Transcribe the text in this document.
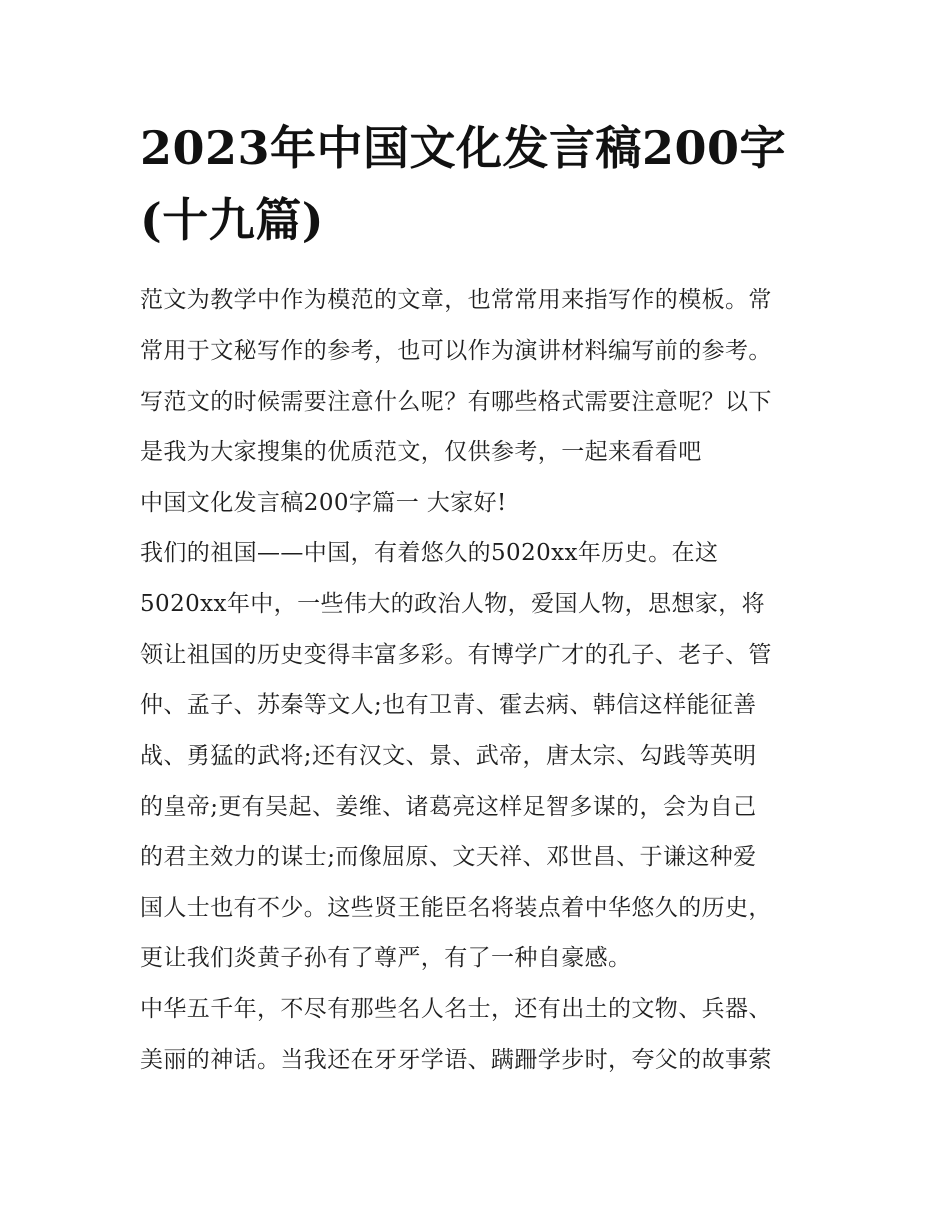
2023年中国文化发言稿200字
(十九篇)
范文为教学中作为模范的文章，也常常用来指写作的模板。常
常用于文秘写作的参考，也可以作为演讲材料编写前的参考。
写范文的时候需要注意什么呢？有哪些格式需要注意呢？以下
是我为大家搜集的优质范文，仅供参考，一起来看看吧
中国文化发言稿200字篇一 大家好!
我们的祖国——中国，有着悠久的5020xx年历史。在这
5020xx年中，一些伟大的政治人物，爱国人物，思想家，将
领让祖国的历史变得丰富多彩。有博学广才的孔子、老子、管
仲、孟子、苏秦等文人;也有卫青、霍去病、韩信这样能征善
战、勇猛的武将;还有汉文、景、武帝，唐太宗、勾践等英明
的皇帝;更有吴起、姜维、诸葛亮这样足智多谋的，会为自己
的君主效力的谋士;而像屈原、文天祥、邓世昌、于谦这种爱
国人士也有不少。这些贤王能臣名将装点着中华悠久的历史，
更让我们炎黄子孙有了尊严，有了一种自豪感。
中华五千年，不尽有那些名人名士，还有出土的文物、兵器、
美丽的神话。当我还在牙牙学语、蹒跚学步时，夸父的故事萦
